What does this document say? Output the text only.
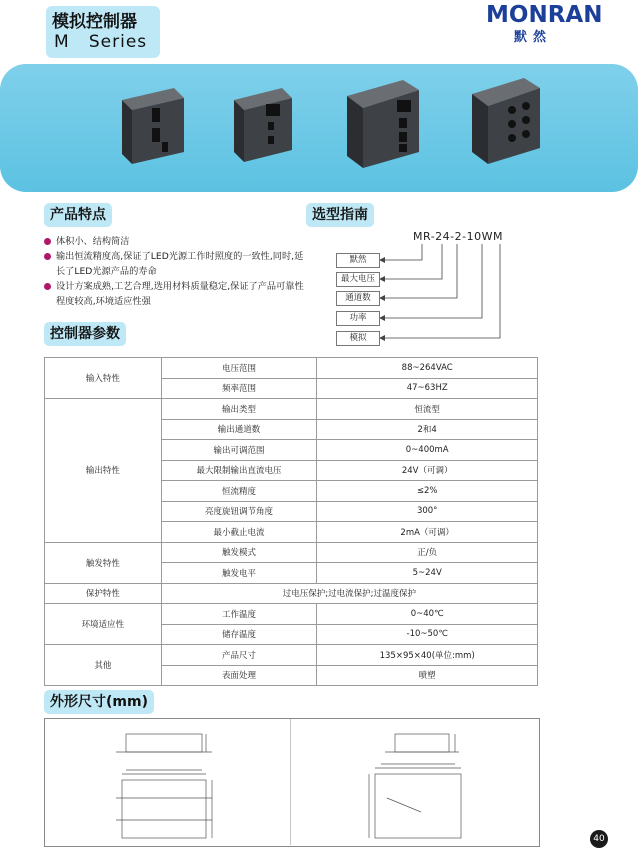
模拟控制器
M   Series
MONRAN
默然
产品特点
体积小、结构简洁
输出恒流精度高,保证了LED光源工作时照度的一致性,同时,延长了LED光源产品的寿命
设计方案成熟,工艺合理,选用材料质量稳定,保证了产品可靠性程度较高,环境适应性强
选型指南
MR-24-2-10WM
默然
最大电压
通道数
功率
模拟
控制器参数
输入特性	电压范围	88~264VAC
	频率范围	47~63HZ
输出特性	输出类型	恒流型
	输出通道数	2和4
	输出可调范围	0~400mA
	最大限制输出直流电压	24V（可调）
	恒流精度	≤2%
	亮度旋钮调节角度	300°
	最小截止电流	2mA（可调）
触发特性	触发模式	正/负
	触发电平	5~24V
保护特性	过电压保护;过电流保护;过温度保护	
环境适应性	工作温度	0~40℃
	储存温度	-10~50℃
其他	产品尺寸	135×95×40(单位:mm)
	表面处理	喷塑
外形尺寸(mm)
40
